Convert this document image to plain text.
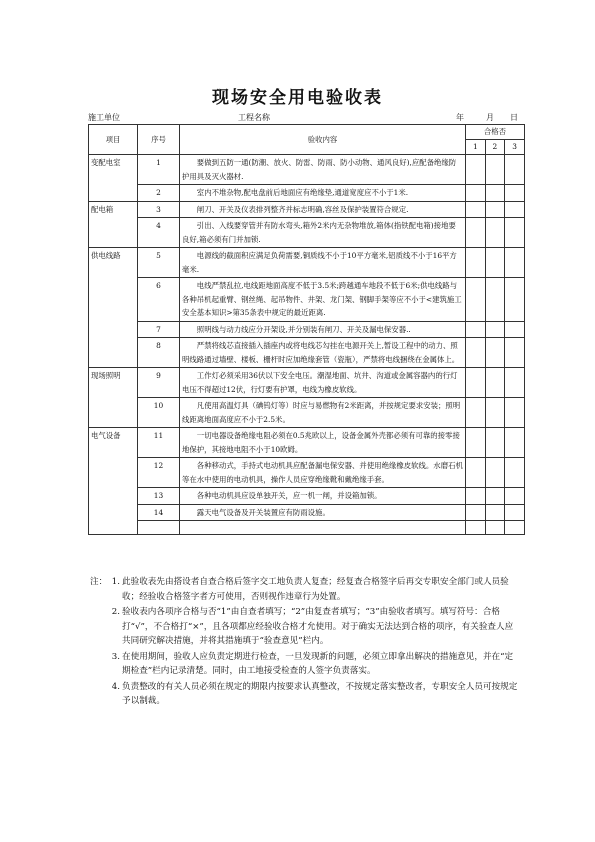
现场安全用电验收表
施工单位	工程名称	年	月 日
项目	序号	验收内容	合格否			
			1	2	3	
变配电室	1	要做到五防一通(防潮、放火、防雷、防雨、防小动物、通风良好),应配备绝缘防护用具及灭火器材.				
	2	室内不堆杂物,配电盘前后地面应有绝缘垫,通道宽度应不小于1米.				
配电箱	3	闸刀、开关及仪表排列整齐并标志明确,容丝及保护装置符合规定.				
	4	引出、入线要穿管并有防水弯头,箱外2米内无杂物堆放,箱体(指铁配电箱)接地要良好,箱必须有门并加锁.				
供电线路	5	电源线的截面积应满足负荷需要,铜质线不小于10平方毫米,铝质线不小于16平方毫米.				
	6	电线严禁乱拉,电线距地面高度不低于3.5米;跨越通车地段不低于6米;供电线路与各种吊机起重臂、钢丝绳、起吊物件、井架、龙门架、钢脚手架等应不小于<建筑施工安全基本知识>第35条表中规定的最近距离.				
	7	照明线与动力线应分开架设,并分别装有闸刀、开关及漏电保安器..				
	8	严禁将线芯直接插入插座内或将电线芯勾挂在电源开关上,暂设工程中的动力、照明线路通过墙壁、楼板、栅杆时应加绝缘套管（瓷瓶），严禁将电线捆绕在金属体上。				
现场照明	9	工作灯必须采用36伏以下安全电压。潮湿地面、坑井、沟道或金属容器内的行灯电压不得超过12伏，行灯要有护罩，电线为橡皮软线。				
	10	凡使用高温灯具（碘钨灯等）时应与易燃物有2米距离，并按规定要求安装；照明线距离地面高度应不小于2.5米。				
电气设备	11	一切电器设备绝缘电阻必须在0.5兆欧以上，设备金属外壳都必须有可靠的接零接地保护，其接地电阻不小于10欧姆。				
	12	各种移动式，手持式电动机具应配备漏电保安器、并使用绝缘橡皮软线。水磨石机等在水中使用的电动机具，操作人员应穿绝缘靴和戴绝缘手套。				
	13	各种电动机具应设单独开关，应一机一闸，并设箱加锁。				
	14	露天电气设备及开关装置应有防雨设施。				

注： 1. 此验收表先由搭设者自查合格后签字交工地负责人复查；经复查合格签字后再交专职安全部门或人员验收；经验收合格签字者方可使用，否则视作违章行为处置。
2. 验收表内各项序合格与否“1”由自查者填写；“2”由复查者填写；“3”由验收者填写。填写符号：合格打“√”，不合格打“×”，且各项都应经验收合格才允使用。对于确实无法达到合格的项序，有关验查人应共同研究解决措施，并将其措施填于“验查意见”栏内。
3. 在使用期间，验收人应负责定期进行检查，一旦发现新的问题，必须立即拿出解决的措施意见，并在“定期检查”栏内记录清楚。同时，由工地接受检查的人签字负责落实。
4. 负责整改的有关人员必须在规定的期限内按要求认真整改，不按规定落实整改者，专职安全人员可按规定予以制裁。
